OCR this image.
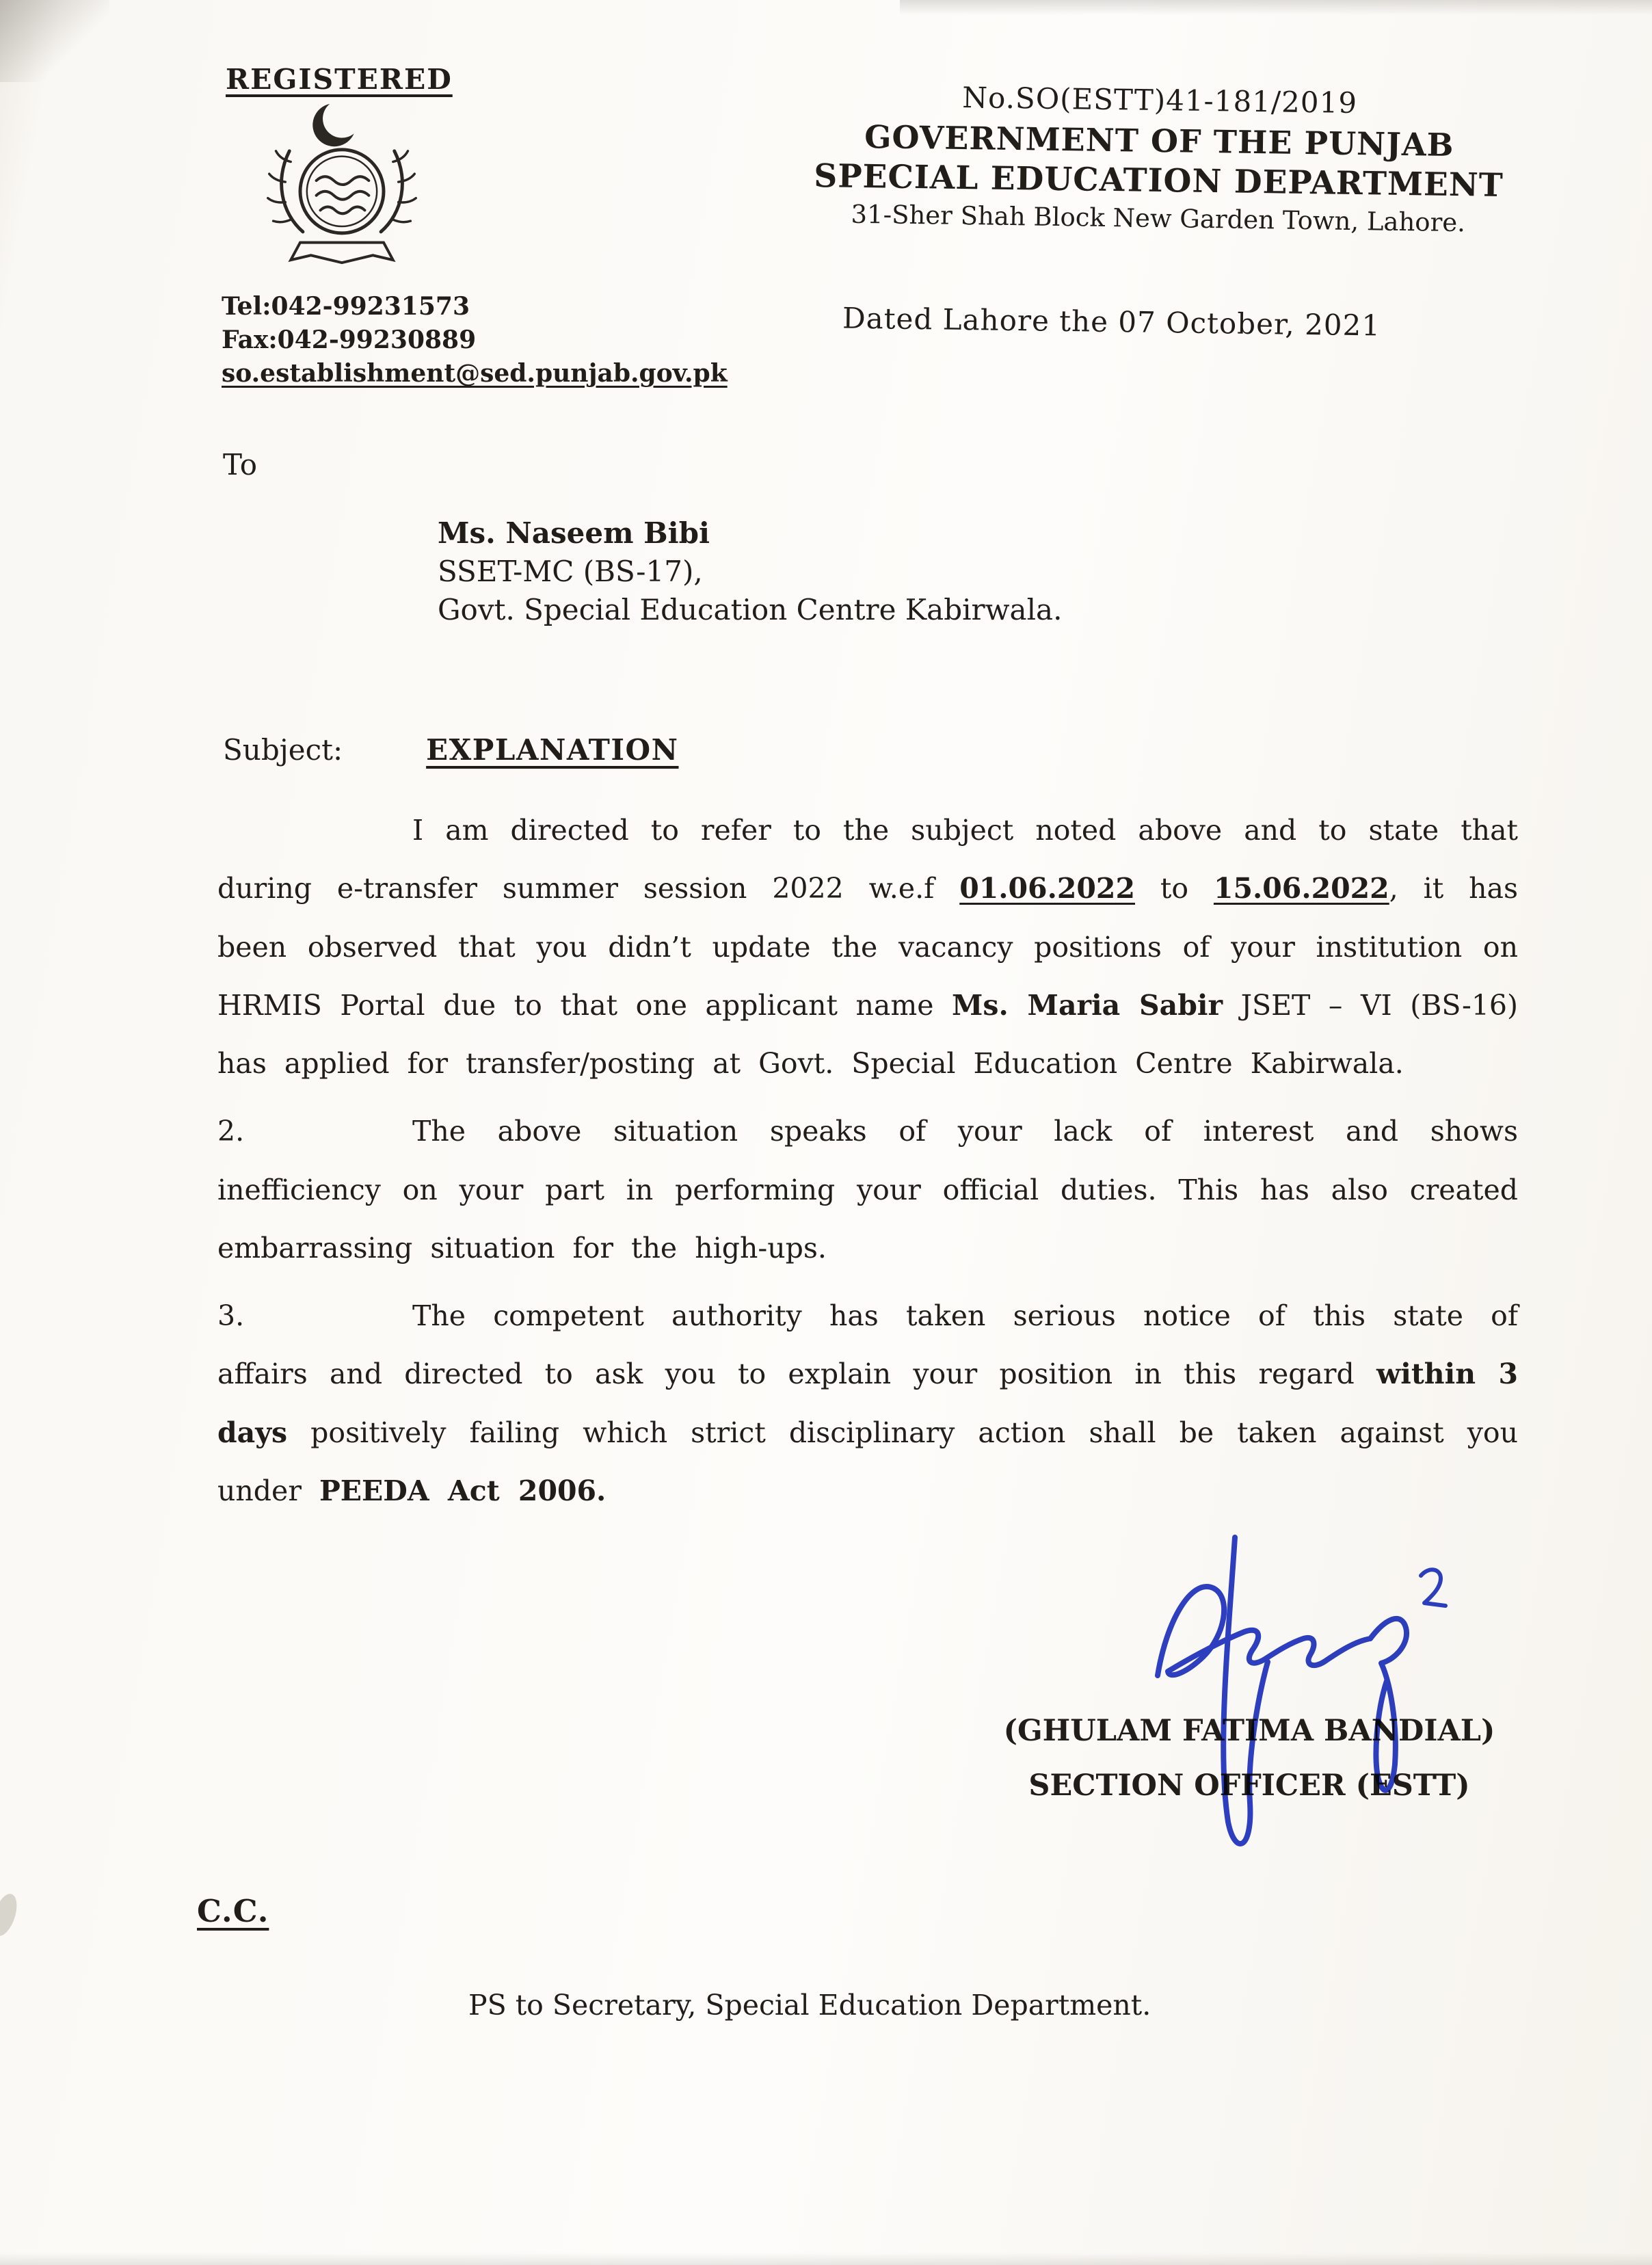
REGISTERED
Tel:042-99231573
Fax:042-99230889
so.establishment@sed.punjab.gov.pk
No.SO(ESTT)41-181/2019
GOVERNMENT OF THE PUNJAB
SPECIAL EDUCATION DEPARTMENT
31-Sher Shah Block New Garden Town, Lahore.
Dated Lahore the 07 October, 2021
To
Ms. Naseem Bibi
SSET-MC (BS-17),
Govt. Special Education Centre Kabirwala.
Subject:	EXPLANATION

I am directed to refer to the subject noted above and to state that during e-transfer summer session 2022 w.e.f 01.06.2022 to 15.06.2022, it has been observed that you didn’t update the vacancy positions of your institution on HRMIS Portal due to that one applicant name Ms. Maria Sabir JSET – VI (BS-16) has applied for transfer/posting at Govt. Special Education Centre Kabirwala.

2.	The above situation speaks of your lack of interest and shows inefficiency on your part in performing your official duties. This has also created embarrassing situation for the high-ups.

3.	The competent authority has taken serious notice of this state of affairs and directed to ask you to explain your position in this regard within 3 days positively failing which strict disciplinary action shall be taken against you under PEEDA Act 2006.

(GHULAM FATIMA BANDIAL)
SECTION OFFICER (ESTT)
C.C.
PS to Secretary, Special Education Department.
